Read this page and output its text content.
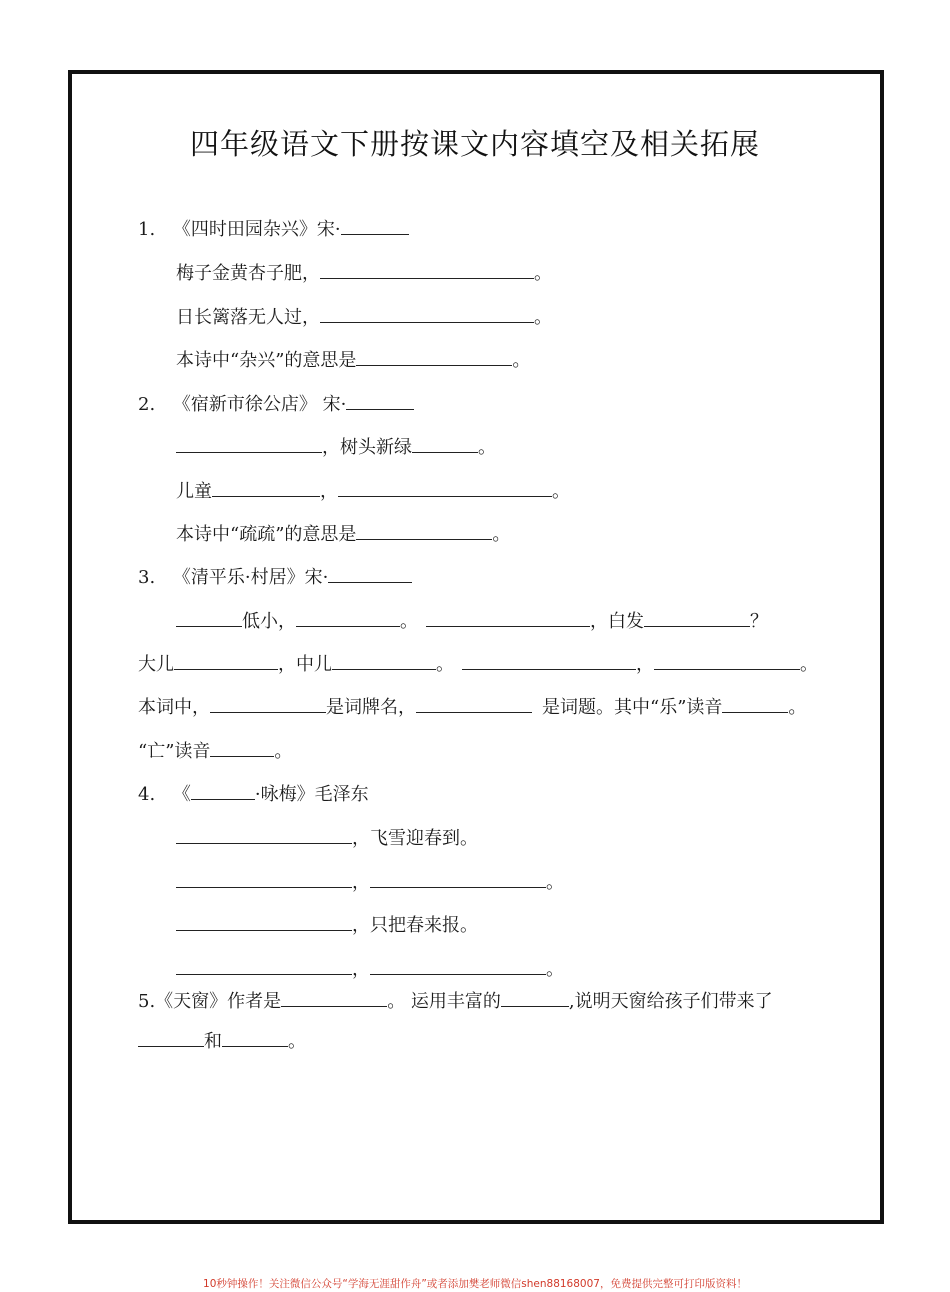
四年级语文下册按课文内容填空及相关拓展
1. 《四时田园杂兴》宋·
梅子金黄杏子肥，	。
日长篱落无人过，	。
本诗中“杂兴”的意思是	。
2. 《宿新市徐公店》 宋·
，树头新绿	。
儿童	，	。
本诗中“疏疏”的意思是	。
3. 《清平乐·村居》宋·
低小，	。	，白发	？
大儿	，中儿	。	，	。
本词中，	是词牌名，	是词题。其中“乐”读音	。
“亡”读音	。
4. 《	·咏梅》毛泽东
，飞雪迎春到。
，	。
，只把春来报。
，	。
5.《天窗》作者是	。 运用丰富的	,说明天窗给孩子们带来了
和	。
10秒钟操作！关注微信公众号“学海无涯甜作舟”或者添加樊老师微信shen88168007，免费提供完整可打印版资料！
